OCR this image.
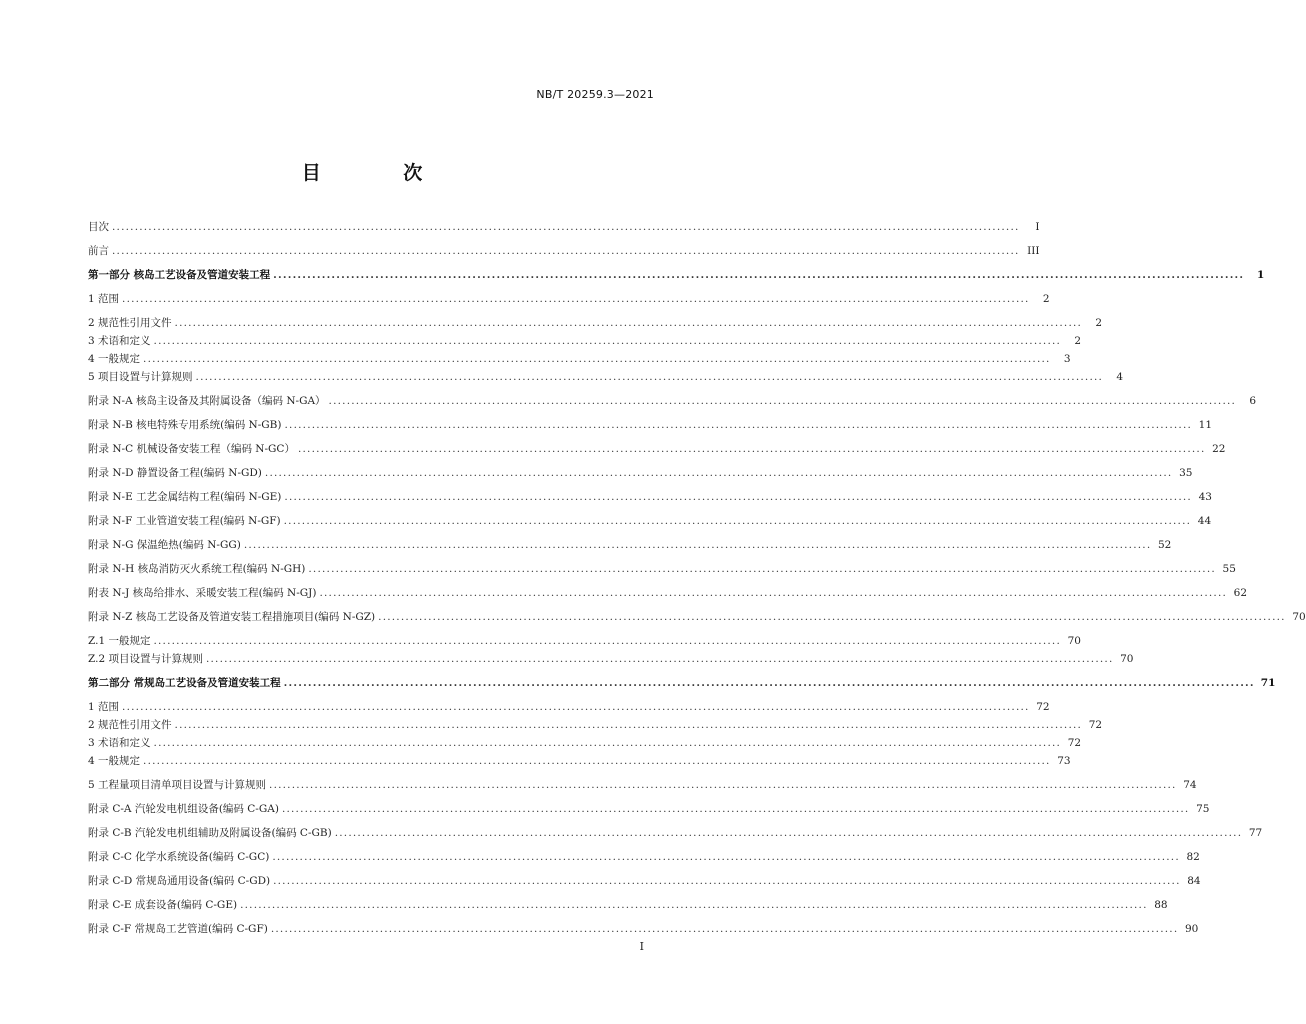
NB/T 20259.3—2021
目 次
目次 ........................................................................................................................................................................................................	I
前言 ........................................................................................................................................................................................................ III
第一部分 核岛工艺设备及管道安装工程 ........................................................................................................................................................................................................	1
1 范围 ........................................................................................................................................................................................................	2
2 规范性引用文件 ........................................................................................................................................................................................................	2
3 术语和定义 ........................................................................................................................................................................................................	2
4 一般规定 ........................................................................................................................................................................................................	3
5 项目设置与计算规则 ........................................................................................................................................................................................................	4
附录 N-A 核岛主设备及其附属设备（编码 N-GA） ........................................................................................................................................................................................................	6
附录 N-B 核电特殊专用系统(编码 N-GB) ........................................................................................................................................................................................................ 11
附录 N-C 机械设备安装工程（编码 N-GC） ........................................................................................................................................................................................................ 22
附录 N-D 静置设备工程(编码 N-GD) ........................................................................................................................................................................................................ 35
附录 N-E 工艺金属结构工程(编码 N-GE) ........................................................................................................................................................................................................ 43
附录 N-F 工业管道安装工程(编码 N-GF) ........................................................................................................................................................................................................ 44
附录 N-G 保温绝热(编码 N-GG) ........................................................................................................................................................................................................ 52
附录 N-H 核岛消防灭火系统工程(编码 N-GH) ........................................................................................................................................................................................................ 55
附表 N-J 核岛给排水、采暖安装工程(编码 N-GJ) ........................................................................................................................................................................................................ 62
附录 N-Z 核岛工艺设备及管道安装工程措施项目(编码 N-GZ) ........................................................................................................................................................................................................ 70
Z.1 一般规定 ........................................................................................................................................................................................................ 70
Z.2 项目设置与计算规则 ........................................................................................................................................................................................................ 70
第二部分 常规岛工艺设备及管道安装工程 ........................................................................................................................................................................................................ 71
1 范围 ........................................................................................................................................................................................................ 72
2 规范性引用文件 ........................................................................................................................................................................................................ 72
3 术语和定义 ........................................................................................................................................................................................................ 72
4 一般规定 ........................................................................................................................................................................................................ 73
5 工程量项目清单项目设置与计算规则 ........................................................................................................................................................................................................ 74
附录 C-A 汽轮发电机组设备(编码 C-GA) ........................................................................................................................................................................................................ 75
附录 C-B 汽轮发电机组辅助及附属设备(编码 C-GB) ........................................................................................................................................................................................................ 77
附录 C-C 化学水系统设备(编码 C-GC) ........................................................................................................................................................................................................ 82
附录 C-D 常规岛通用设备(编码 C-GD) ........................................................................................................................................................................................................ 84
附录 C-E 成套设备(编码 C-GE) ........................................................................................................................................................................................................ 88
附录 C-F 常规岛工艺管道(编码 C-GF) ........................................................................................................................................................................................................ 90
I
